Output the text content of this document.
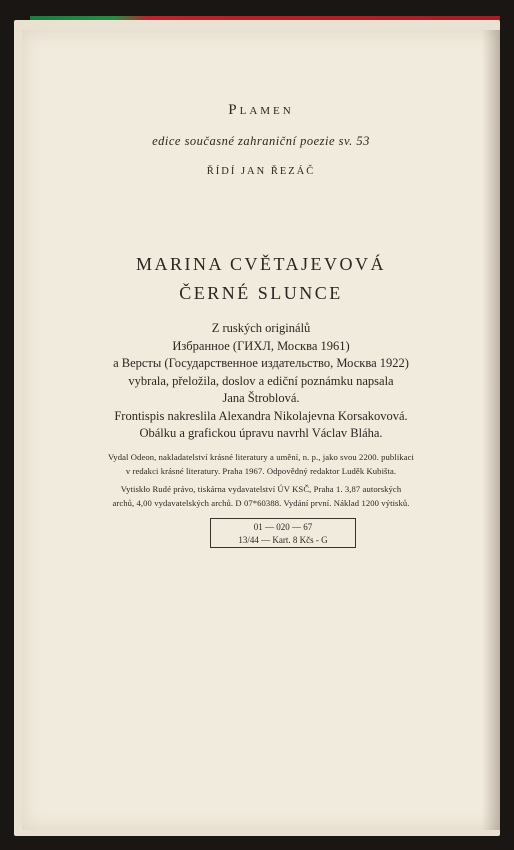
Plamen

edice současné zahraniční poezie sv. 53

ŘÍDÍ JAN ŘEZÁČ

MARINA CVĚTAJEVOVÁ

ČERNÉ SLUNCE

Z ruských originálů
Избранное (ГИХЛ, Москва 1961)
a Версты (Государственное издательство, Москва 1922)
vybrala, přeložila, doslov a ediční poznámku napsala
Jana Štroblová.
Frontispis nakreslila Alexandra Nikolajevna Korsakovová.
Obálku a grafickou úpravu navrhl Václav Bláha.
Vydal Odeon, nakladatelství krásné literatury a umění, n. p., jako svou 2200. publikaci
v redakci krásné literatury. Praha 1967. Odpovědný redaktor Luděk Kubišta.
Vytiskło Rudé právo, tiskárna vydavatelství ÚV KSČ, Praha 1. 3,87 autorských
archů, 4,00 vydavatelských archů. D 07*60388. Vydání první. Náklad 1200 výtisků.
01 — 020 — 67
13/44 — Kart. 8 Kčs - G
